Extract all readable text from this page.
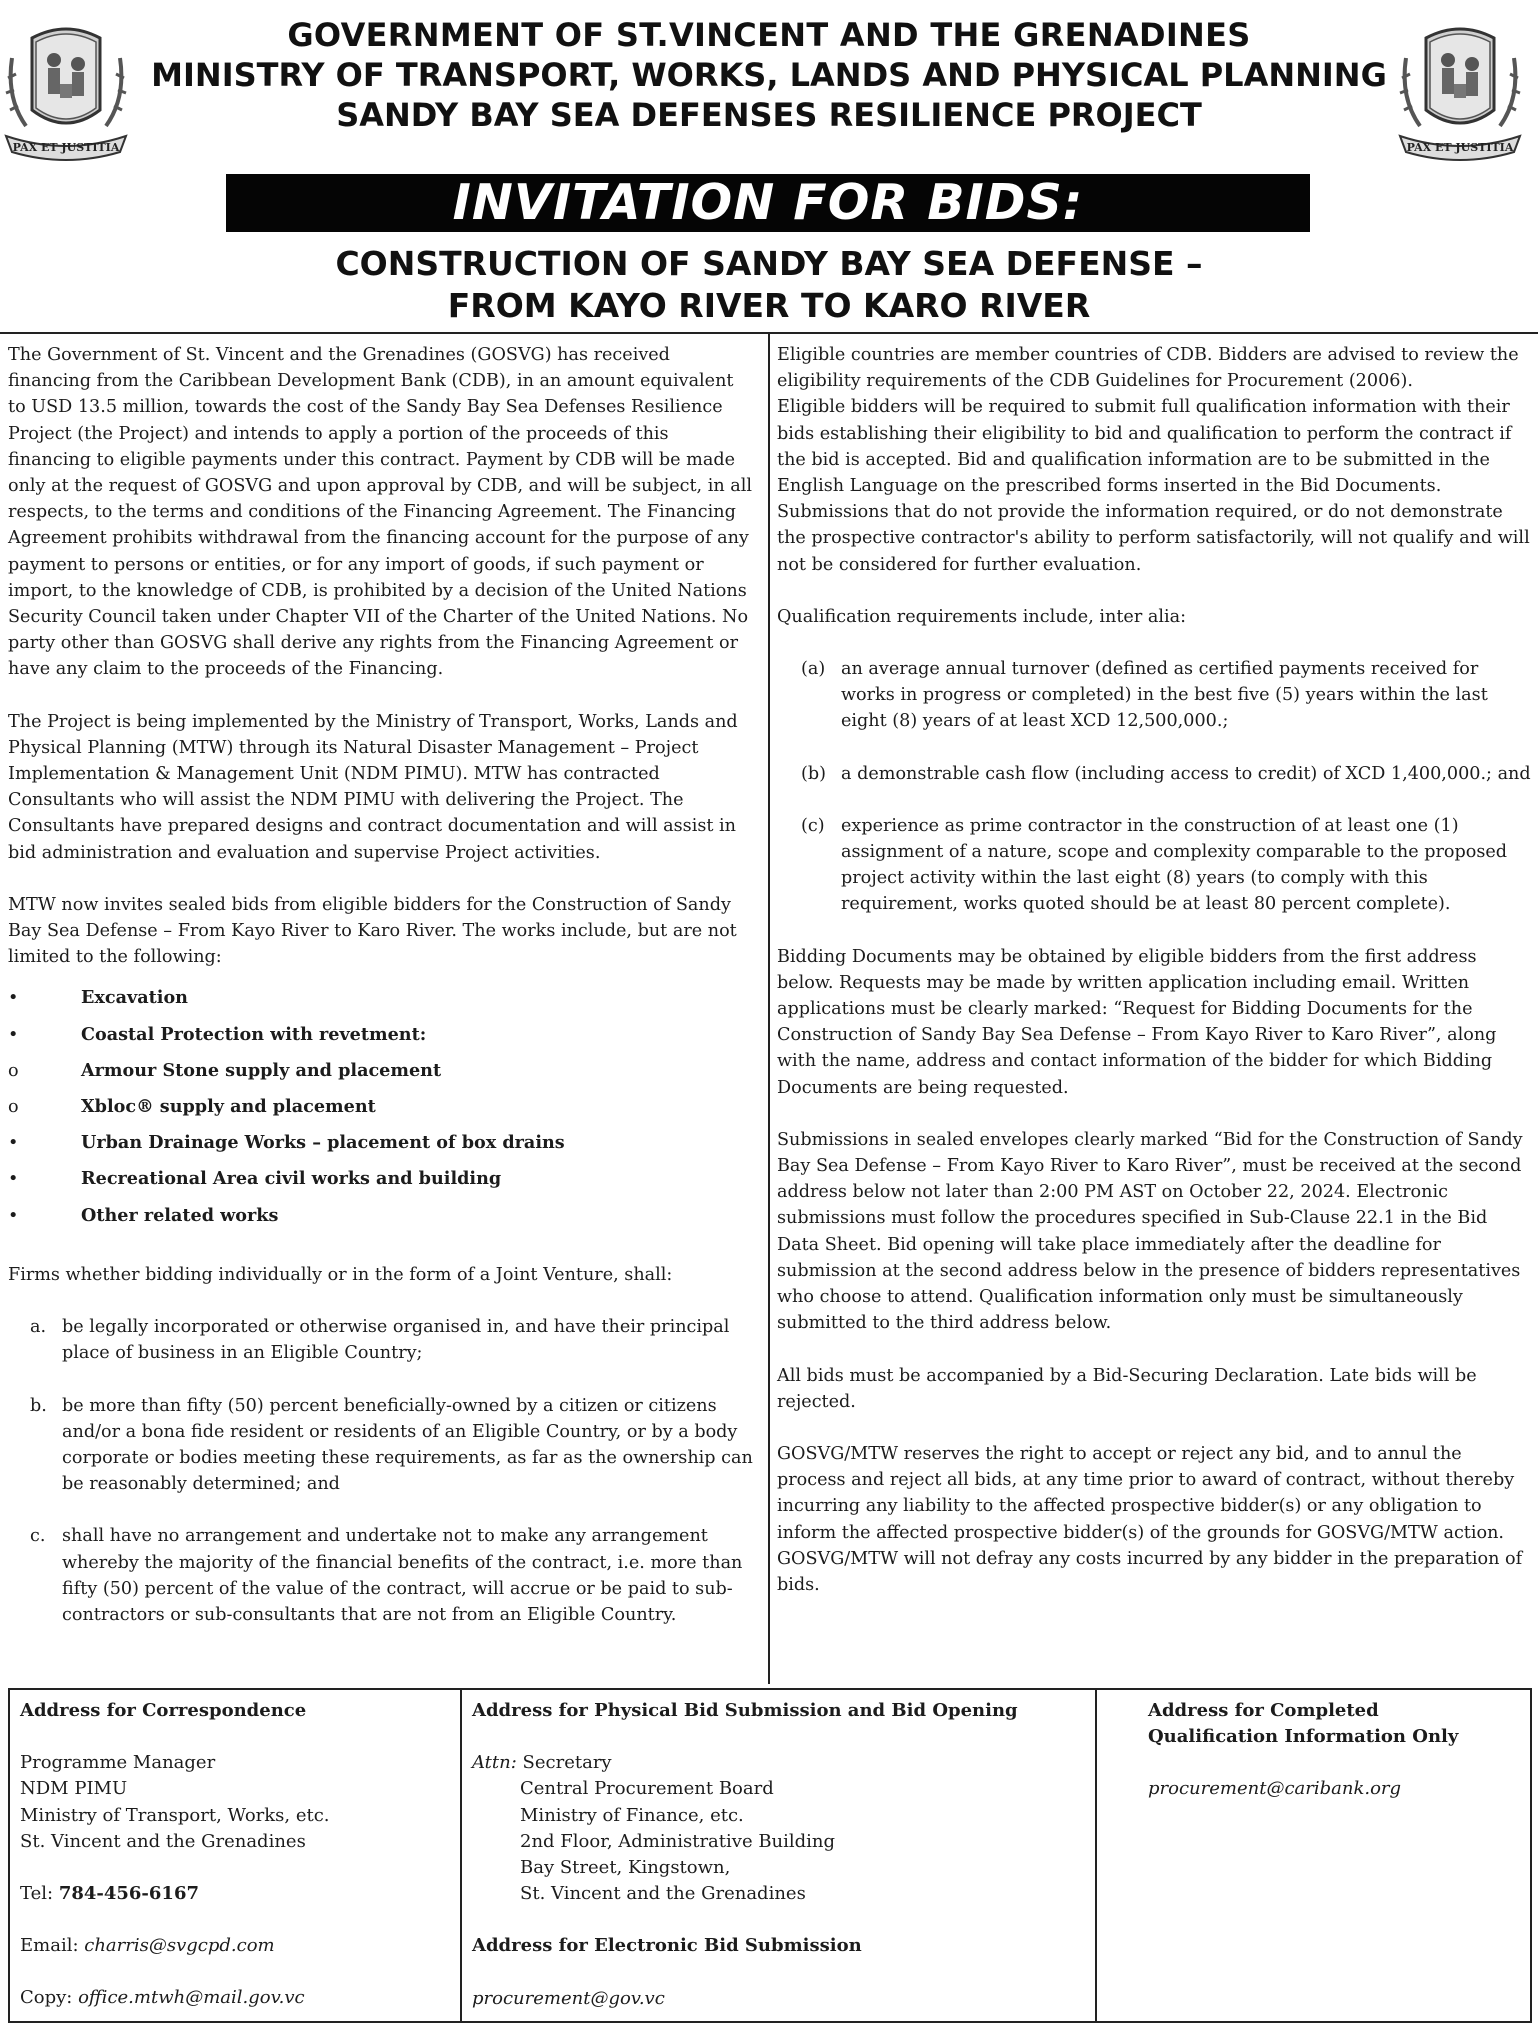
PAX ET JUSTITIA	PAX ET JUSTITIA
GOVERNMENT OF ST.VINCENT AND THE GRENADINES
MINISTRY OF TRANSPORT, WORKS, LANDS AND PHYSICAL PLANNING
SANDY BAY SEA DEFENSES RESILIENCE PROJECT
INVITATION FOR BIDS:
CONSTRUCTION OF SANDY BAY SEA DEFENSE –
FROM KAYO RIVER TO KARO RIVER

The Government of St. Vincent and the Grenadines (GOSVG) has received financing from the Caribbean Development Bank (CDB), in an amount equivalent to USD 13.5 million, towards the cost of the Sandy Bay Sea Defenses Resilience Project (the Project) and intends to apply a portion of the proceeds of this financing to eligible payments under this contract. Payment by CDB will be made only at the request of GOSVG and upon approval by CDB, and will be subject, in all respects, to the terms and conditions of the Financing Agreement. The Financing Agreement prohibits withdrawal from the financing account for the purpose of any payment to persons or entities, or for any import of goods, if such payment or import, to the knowledge of CDB, is prohibited by a decision of the United Nations Security Council taken under Chapter VII of the Charter of the United Nations. No party other than GOSVG shall derive any rights from the Financing Agreement or have any claim to the proceeds of the Financing.

The Project is being implemented by the Ministry of Transport, Works, Lands and Physical Planning (MTW) through its Natural Disaster Management – Project Implementation & Management Unit (NDM PIMU). MTW has contracted Consultants who will assist the NDM PIMU with delivering the Project. The Consultants have prepared designs and contract documentation and will assist in bid administration and evaluation and supervise Project activities.

MTW now invites sealed bids from eligible bidders for the Construction of Sandy Bay Sea Defense – From Kayo River to Karo River. The works include, but are not limited to the following:

•	Excavation
•	Coastal Protection with revetment:
o	Armour Stone supply and placement
o	Xbloc® supply and placement
•	Urban Drainage Works – placement of box drains
•	Recreational Area civil works and building
•	Other related works

Firms whether bidding individually or in the form of a Joint Venture, shall:

a. be legally incorporated or otherwise organised in, and have their principal place of business in an Eligible Country;
b. be more than fifty (50) percent beneficially-owned by a citizen or citizens and/or a bona fide resident or residents of an Eligible Country, or by a body corporate or bodies meeting these requirements, as far as the ownership can be reasonably determined; and
c. shall have no arrangement and undertake not to make any arrangement whereby the majority of the financial benefits of the contract, i.e. more than fifty (50) percent of the value of the contract, will accrue or be paid to sub-contractors or sub-consultants that are not from an Eligible Country.

Eligible countries are member countries of CDB. Bidders are advised to review the eligibility requirements of the CDB Guidelines for Procurement (2006).

Eligible bidders will be required to submit full qualification information with their bids establishing their eligibility to bid and qualification to perform the contract if the bid is accepted. Bid and qualification information are to be submitted in the English Language on the prescribed forms inserted in the Bid Documents. Submissions that do not provide the information required, or do not demonstrate the prospective contractor's ability to perform satisfactorily, will not qualify and will not be considered for further evaluation.

Qualification requirements include, inter alia:

(a) an average annual turnover (defined as certified payments received for works in progress or completed) in the best five (5) years within the last eight (8) years of at least XCD 12,500,000.;
(b) a demonstrable cash flow (including access to credit) of XCD 1,400,000.; and
(c) experience as prime contractor in the construction of at least one (1) assignment of a nature, scope and complexity comparable to the proposed project activity within the last eight (8) years (to comply with this requirement, works quoted should be at least 80 percent complete).

Bidding Documents may be obtained by eligible bidders from the first address below. Requests may be made by written application including email. Written applications must be clearly marked: “Request for Bidding Documents for the Construction of Sandy Bay Sea Defense – From Kayo River to Karo River”, along with the name, address and contact information of the bidder for which Bidding Documents are being requested.

Submissions in sealed envelopes clearly marked “Bid for the Construction of Sandy Bay Sea Defense – From Kayo River to Karo River”, must be received at the second address below not later than 2:00 PM AST on October 22, 2024. Electronic submissions must follow the procedures specified in Sub-Clause 22.1 in the Bid Data Sheet. Bid opening will take place immediately after the deadline for submission at the second address below in the presence of bidders representatives who choose to attend. Qualification information only must be simultaneously submitted to the third address below.

All bids must be accompanied by a Bid-Securing Declaration. Late bids will be rejected.

GOSVG/MTW reserves the right to accept or reject any bid, and to annul the process and reject all bids, at any time prior to award of contract, without thereby incurring any liability to the affected prospective bidder(s) or any obligation to inform the affected prospective bidder(s) of the grounds for GOSVG/MTW action. GOSVG/MTW will not defray any costs incurred by any bidder in the preparation of bids.

Address for Correspondence
Programme Manager
NDM PIMU
Ministry of Transport, Works, etc.
St. Vincent and the Grenadines
Tel: 784-456-6167
Email: charris@svgcpd.com
Copy: office.mtwh@mail.gov.vc
Address for Physical Bid Submission and Bid Opening
Attn: Secretary
Central Procurement Board
Ministry of Finance, etc.
2nd Floor, Administrative Building
Bay Street, Kingstown,
St. Vincent and the Grenadines
Address for Electronic Bid Submission
procurement@gov.vc
Address for Completed
Qualification Information Only
procurement@caribank.org
